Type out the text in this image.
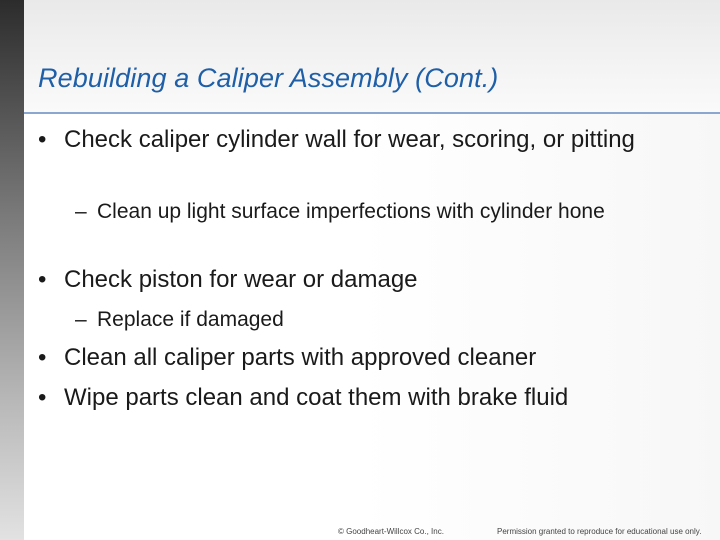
Rebuilding a Caliper Assembly (Cont.)
• Check caliper cylinder wall for wear, scoring, or pitting
– Clean up light surface imperfections with cylinder hone
• Check piston for wear or damage
– Replace if damaged
• Clean all caliper parts with approved cleaner
• Wipe parts clean and coat them with brake fluid
© Goodheart-Willcox Co., Inc.	Permission granted to reproduce for educational use only.
